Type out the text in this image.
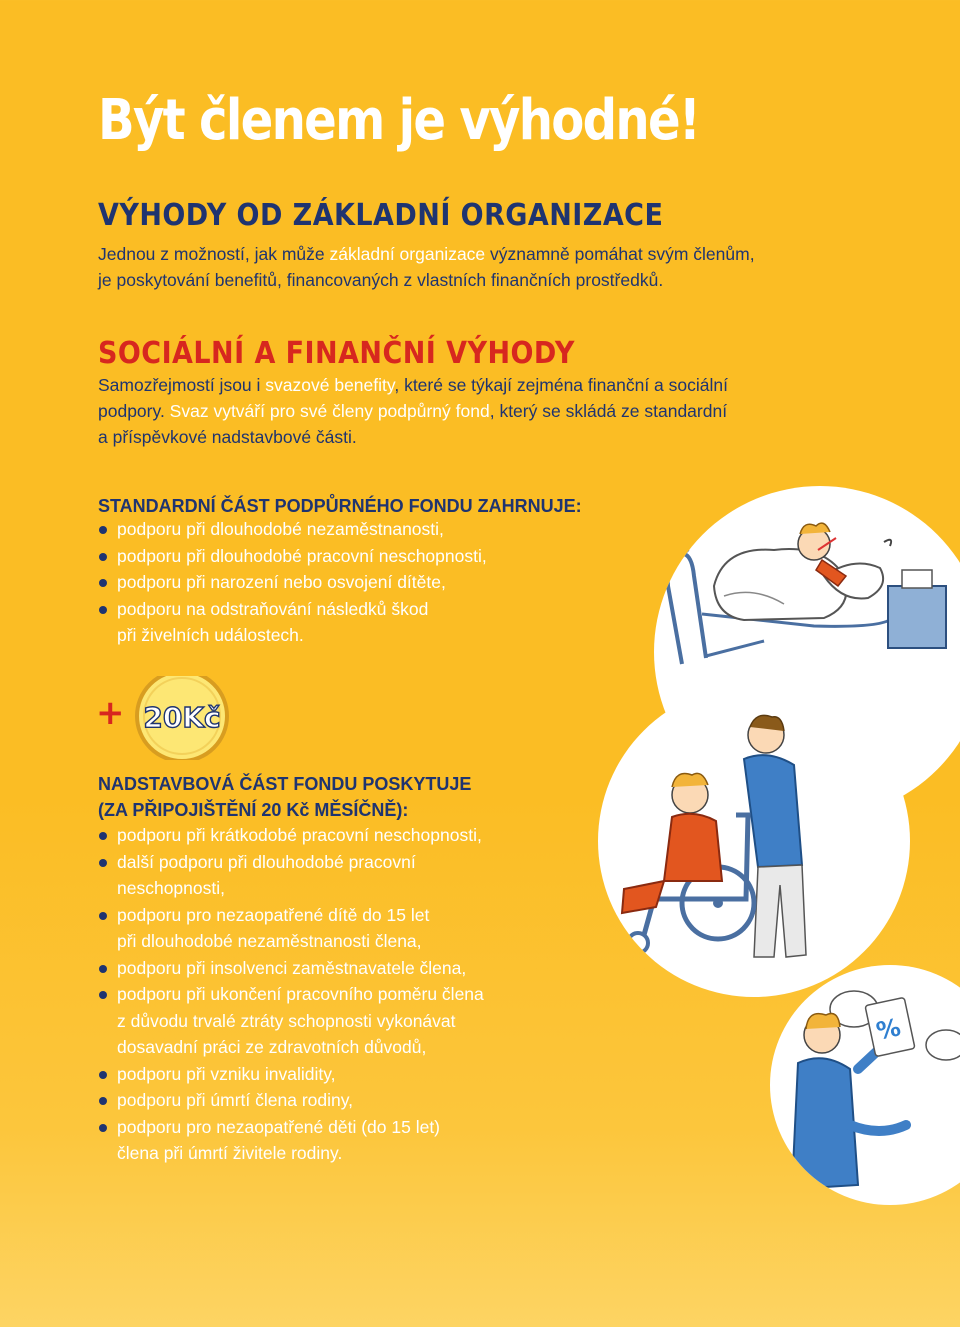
Být členem je výhodné!
VÝHODY OD ZÁKLADNÍ ORGANIZACE

Jednou z možností, jak může základní organizace významně pomáhat svým členům,
je poskytování benefitů, financovaných z vlastních finančních prostředků.

SOCIÁLNÍ A FINANČNÍ VÝHODY

Samozřejmostí jsou i svazové benefity, které se týkají zejména finanční a sociální
podpory. Svaz vytváří pro své členy podpůrný fond, který se skládá ze standardní
a příspěvkové nadstavbové části.

STANDARDNÍ ČÁST PODPŮRNÉHO FONDU ZAHRNUJE:
podporu při dlouhodobé nezaměstnanosti,
podporu při dlouhodobé pracovní neschopnosti,
podporu při narození nebo osvojení dítěte,
podporu na odstraňování následků škod
při živelních událostech.
+ 20Kč
NADSTAVBOVÁ ČÁST FONDU POSKYTUJE
(ZA PŘIPOJIŠTĚNÍ 20 Kč MĚSÍČNĚ):
podporu při krátkodobé pracovní neschopnosti,
další podporu při dlouhodobé pracovní
neschopnosti,
podporu pro nezaopatřené dítě do 15 let
při dlouhodobé nezaměstnanosti člena,
podporu při insolvenci zaměstnavatele člena,
podporu při ukončení pracovního poměru člena
z důvodu trvalé ztráty schopnosti vykonávat
dosavadní práci ze zdravotních důvodů,
podporu při vzniku invalidity,
podporu při úmrtí člena rodiny,
podporu pro nezaopatřené děti (do 15 let)
člena při úmrtí živitele rodiny.
%
